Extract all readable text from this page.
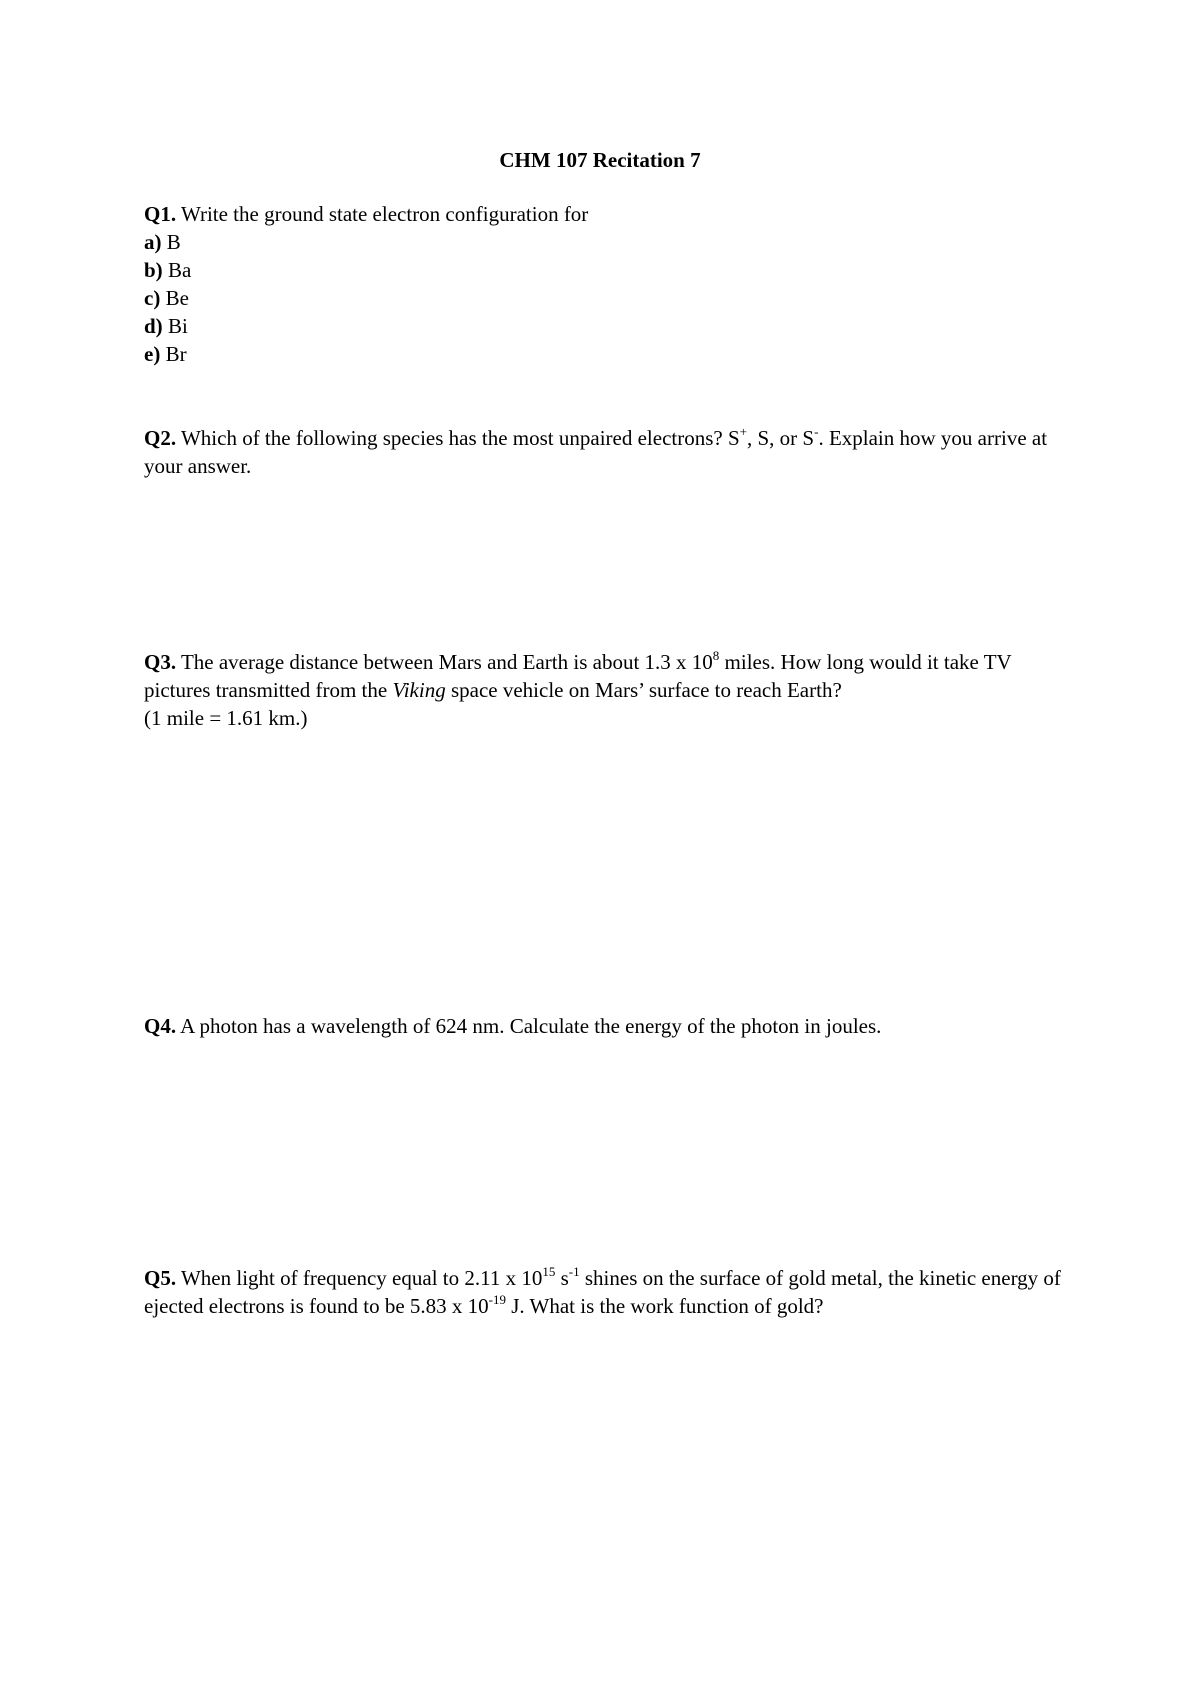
CHM 107 Recitation 7
Q1. Write the ground state electron configuration for
a) B
b) Ba
c) Be
d) Bi
e) Br
Q2. Which of the following species has the most unpaired electrons? S+, S, or S-. Explain how you arrive at your answer.
Q3. The average distance between Mars and Earth is about 1.3 x $10^8$ miles. How long would it take TV pictures transmitted from the Viking space vehicle on Mars’ surface to reach Earth?
(1 mile = 1.61 km.)
Q4. A photon has a wavelength of 624 nm. Calculate the energy of the photon in joules.
Q5. When light of frequency equal to 2.11 x $10^{15}$ $s^{-1}$ shines on the surface of gold metal, the kinetic energy of ejected electrons is found to be 5.83 x $10^{-19}$ J. What is the work function of gold?
